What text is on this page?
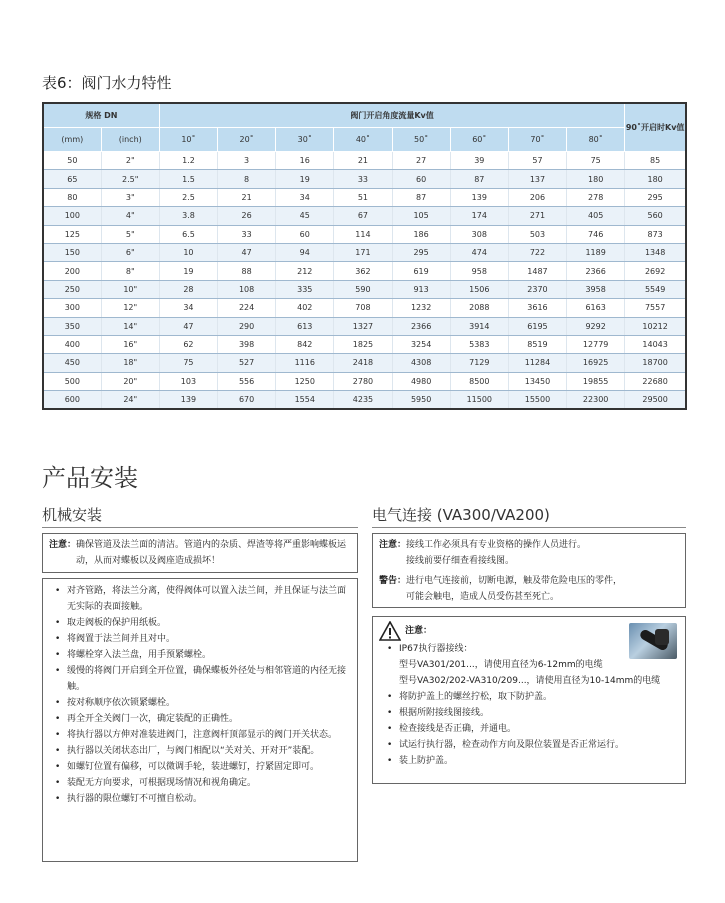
表6：阀门水力特性
规格 DN		阀门开启角度流量Kv值								90˚开启时Kv值
(mm)	(inch)	10˚	20˚	30˚	40˚	50˚	60˚	70˚	80˚	
50	2"	1.2	3	16	21	27	39	57	75	85
65	2.5"	1.5	8	19	33	60	87	137	180	180
80	3"	2.5	21	34	51	87	139	206	278	295
100	4"	3.8	26	45	67	105	174	271	405	560
125	5"	6.5	33	60	114	186	308	503	746	873
150	6"	10	47	94	171	295	474	722	1189	1348
200	8"	19	88	212	362	619	958	1487	2366	2692
250	10"	28	108	335	590	913	1506	2370	3958	5549
300	12"	34	224	402	708	1232	2088	3616	6163	7557
350	14"	47	290	613	1327	2366	3914	6195	9292	10212
400	16"	62	398	842	1825	3254	5383	8519	12779	14043
450	18"	75	527	1116	2418	4308	7129	11284	16925	18700
500	20"	103	556	1250	2780	4980	8500	13450	19855	22680
600	24"	139	670	1554	4235	5950	11500	15500	22300	29500
产品安装
机械安装	电气连接 (VA300/VA200)
注意： 确保管道及法兰面的清洁。管道内的杂质、焊渣等将严重影响蝶板运动，从而对蝶板以及阀座造成损坏！
• 对齐管路，将法兰分离，使得阀体可以置入法兰间，并且保证与法兰面无实际的表面接触。
• 取走阀板的保护用纸板。
• 将阀置于法兰间并且对中。
• 将螺栓穿入法兰盘，用手预紧螺栓。
• 缓慢的将阀门开启到全开位置，确保蝶板外径处与相邻管道的内径无接触。
• 按对称顺序依次锁紧螺栓。
• 再全开全关阀门一次，确定装配的正确性。
• 将执行器以方伸对准装进阀门，注意阀杆顶部显示的阀门开关状态。
• 执行器以关闭状态出厂，与阀门相配以“关对关、开对开”装配。
• 如螺钉位置有偏移，可以微调手轮，装进螺钉，拧紧固定即可。
• 装配无方向要求，可根据现场情况和视角确定。
• 执行器的限位螺钉不可擅自松动。
注意： 接线工作必须具有专业资格的操作人员进行。
接线前要仔细查看接线图。
警告： 进行电气连接前，切断电源，触及带危险电压的零件，
可能会触电，造成人员受伤甚至死亡。
注意：
• IP67执行器接线：
型号VA301/201...，请使用直径为6-12mm的电缆
型号VA302/202-VA310/209...，请使用直径为10-14mm的电缆
• 将防护盖上的螺丝拧松，取下防护盖。
• 根据所附接线图接线。
• 检查接线是否正确，并通电。
• 试运行执行器，检查动作方向及限位装置是否正常运行。
• 装上防护盖。
